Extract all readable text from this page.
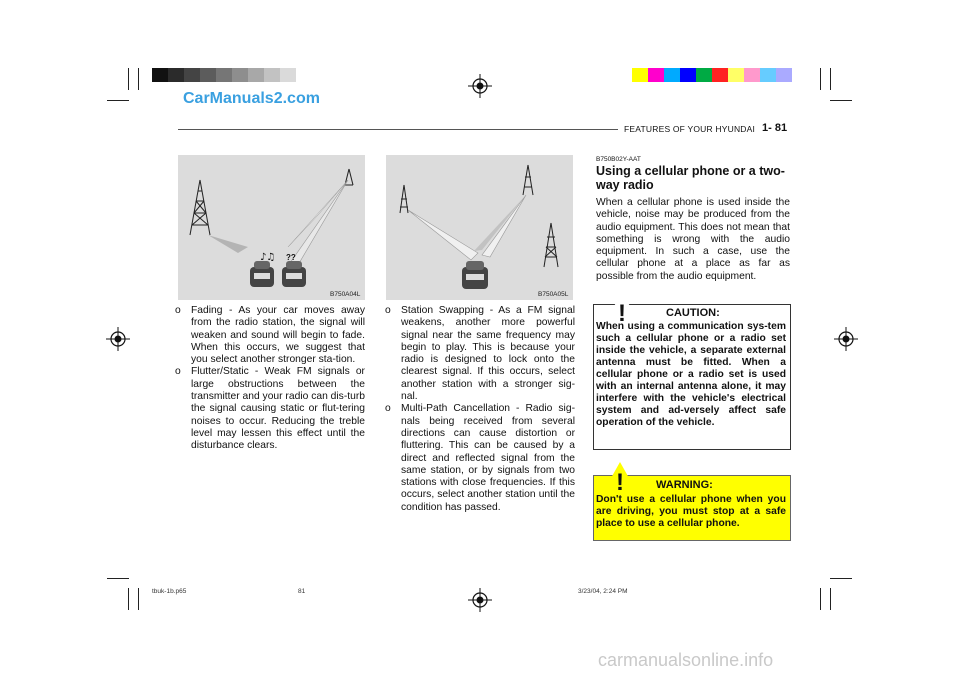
CarManuals2.com
FEATURES OF YOUR HYUNDAI 1- 81
♪♫ ??
B750A04L	B750A05L

o Fading - As your car moves away from the radio station, the signal will weaken and sound will begin to fade. When this occurs, we suggest that you select another stronger sta-tion.

o Flutter/Static - Weak FM signals or large obstructions between the transmitter and your radio can dis-turb the signal causing static or flut-tering noises to occur. Reducing the treble level may lessen this effect until the disturbance clears.

o Station Swapping - As a FM signal weakens, another more powerful signal near the same frequency may begin to play. This is because your radio is designed to lock onto the clearest signal. If this occurs, select another station with a stronger sig-nal.

o Multi-Path Cancellation - Radio sig-nals being received from several directions can cause distortion or fluttering. This can be caused by a direct and reflected signal from the same station, or by signals from two stations with close frequencies. If this occurs, select another station until the condition has passed.

B750B02Y-AAT
Using a cellular phone or a two-way radio
When a cellular phone is used inside the vehicle, noise may be produced from the audio equipment. This does not mean that something is wrong with the audio equipment. In such a case, use the cellular phone at a place as far as possible from the audio equipment.
!	CAUTION:
When using a communication sys-tem such a cellular phone or a radio set inside the vehicle, a separate external antenna must be fitted. When a cellular phone or a radio set is used with an internal antenna alone, it may interfere with the vehicle's electrical system and ad-versely affect safe operation of the vehicle.
!	WARNING:
Don't use a cellular phone when you are driving, you must stop at a safe place to use a cellular phone.
tbuk-1b.p65	81	3/23/04, 2:24 PM
carmanualsonline.info
